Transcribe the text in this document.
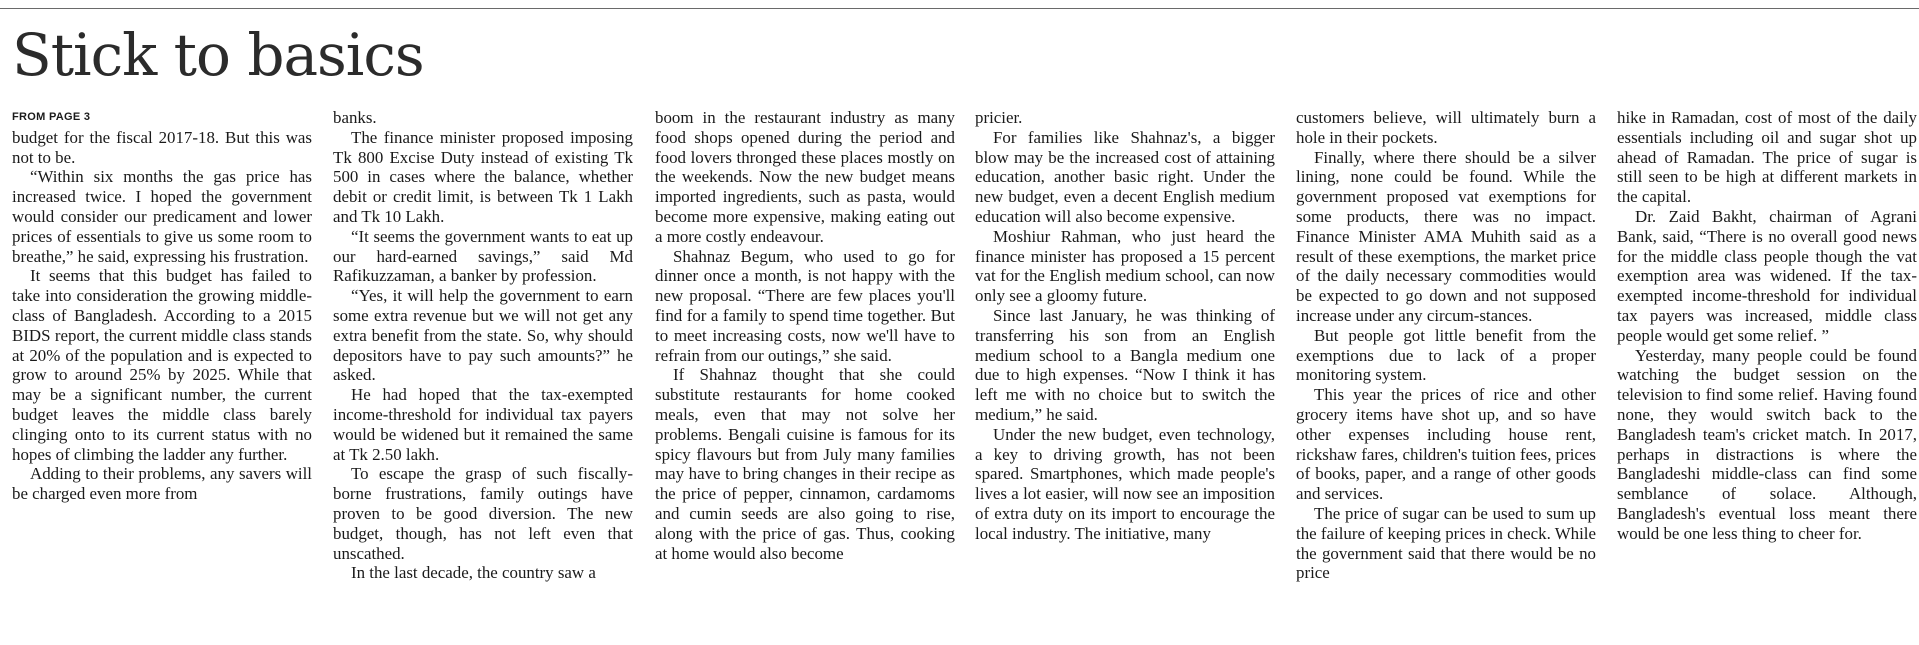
Stick to basics
FROM PAGE 3

budget for the fiscal 2017-18. But this was not to be.

“Within six months the gas price has increased twice. I hoped the government would consider our predicament and lower prices of essentials to give us some room to breathe,” he said, expressing his frustration.

It seems that this budget has failed to take into consideration the growing middle-class of Bangladesh. According to a 2015 BIDS report, the current middle class stands at 20% of the population and is expected to grow to around 25% by 2025. While that may be a significant number, the current budget leaves the middle class barely clinging onto to its current status with no hopes of climbing the ladder any further.

Adding to their problems, any savers will be charged even more from

banks.

The finance minister proposed imposing Tk 800 Excise Duty instead of existing Tk 500 in cases where the balance, whether debit or credit limit, is between Tk 1 Lakh and Tk 10 Lakh.

“It seems the government wants to eat up our hard-earned savings,” said Md Rafikuzzaman, a banker by profession.

“Yes, it will help the government to earn some extra revenue but we will not get any extra benefit from the state. So, why should depositors have to pay such amounts?” he asked.

He had hoped that the tax-exempted income-threshold for individual tax payers would be widened but it remained the same at Tk 2.50 lakh.

To escape the grasp of such fiscally-borne frustrations, family outings have proven to be good diversion. The new budget, though, has not left even that unscathed.

In the last decade, the country saw a

boom in the restaurant industry as many food shops opened during the period and food lovers thronged these places mostly on the weekends. Now the new budget means imported ingredients, such as pasta, would become more expensive, making eating out a more costly endeavour.

Shahnaz Begum, who used to go for dinner once a month, is not happy with the new proposal. “There are few places you'll find for a family to spend time together. But to meet increasing costs, now we'll have to refrain from our outings,” she said.

If Shahnaz thought that she could substitute restaurants for home cooked meals, even that may not solve her problems. Bengali cuisine is famous for its spicy flavours but from July many families may have to bring changes in their recipe as the price of pepper, cinnamon, cardamoms and cumin seeds are also going to rise, along with the price of gas. Thus, cooking at home would also become

pricier.

For families like Shahnaz's, a bigger blow may be the increased cost of attaining education, another basic right. Under the new budget, even a decent English medium education will also become expensive.

Moshiur Rahman, who just heard the finance minister has proposed a 15 percent vat for the English medium school, can now only see a gloomy future.

Since last January, he was thinking of transferring his son from an English medium school to a Bangla medium one due to high expenses. “Now I think it has left me with no choice but to switch the medium,” he said.

Under the new budget, even technology, a key to driving growth, has not been spared. Smartphones, which made people's lives a lot easier, will now see an imposition of extra duty on its import to encourage the local industry. The initiative, many

customers believe, will ultimately burn a hole in their pockets.

Finally, where there should be a silver lining, none could be found. While the government proposed vat exemptions for some products, there was no impact. Finance Minister AMA Muhith said as a result of these exemptions, the market price of the daily necessary commodities would be expected to go down and not supposed increase under any circum-stances.

But people got little benefit from the exemptions due to lack of a proper monitoring system.

This year the prices of rice and other grocery items have shot up, and so have other expenses including house rent, rickshaw fares, children's tuition fees, prices of books, paper, and a range of other goods and services.

The price of sugar can be used to sum up the failure of keeping prices in check. While the government said that there would be no price

hike in Ramadan, cost of most of the daily essentials including oil and sugar shot up ahead of Ramadan. The price of sugar is still seen to be high at different markets in the capital.

Dr. Zaid Bakht, chairman of Agrani Bank, said, “There is no overall good news for the middle class people though the vat exemption area was widened. If the tax-exempted income-threshold for individual tax payers was increased, middle class people would get some relief. ”

Yesterday, many people could be found watching the budget session on the television to find some relief. Having found none, they would switch back to the Bangladesh team's cricket match. In 2017, perhaps in distractions is where the Bangladeshi middle-class can find some semblance of solace. Although, Bangladesh's eventual loss meant there would be one less thing to cheer for.
